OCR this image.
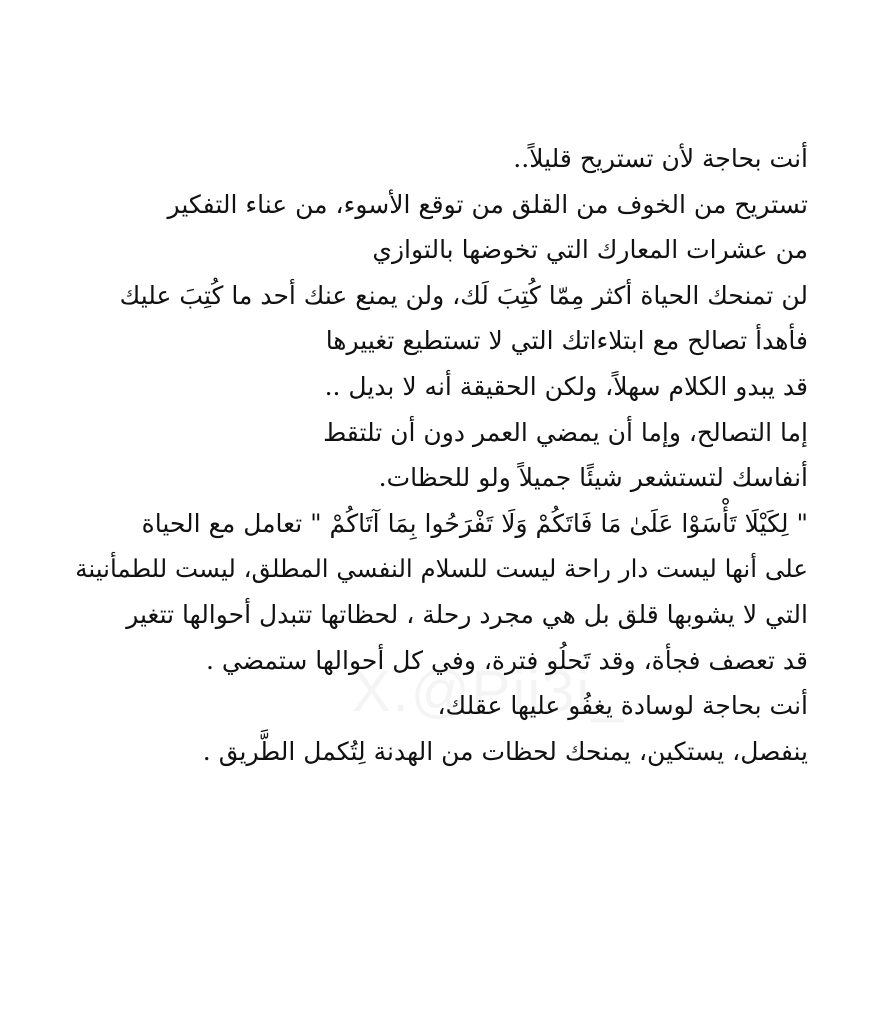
أنت بحاجة لأن تستريح قليلاً..
تستريح من الخوف من القلق من توقع الأسوء، من عناء التفكير
من عشرات المعارك التي تخوضها بالتوازي
لن تمنحك الحياة أكثر مِمّا كُتِبَ لَك، ولن يمنع عنك أحد ما كُتِبَ عليك
فأهدأ تصالح مع ابتلاءاتك التي لا تستطيع تغييرها
قد يبدو الكلام سهلاً، ولكن الحقيقة أنه لا بديل ..
إما التصالح، وإما أن يمضي العمر دون أن تلتقط
أنفاسك لتستشعر شيئًا جميلاً ولو للحظات.
" لِكَيْلَا تَأْسَوْا عَلَىٰ مَا فَاتَكُمْ وَلَا تَفْرَحُوا بِمَا آتَاكُمْ " تعامل مع الحياة
على أنها ليست دار راحة ليست للسلام النفسي المطلق، ليست للطمأنينة
التي لا يشوبها قلق بل هي مجرد رحلة ، لحظاتها تتبدل أحوالها تتغير
قد تعصف فجأة، وقد تَحلُو فترة، وفي كل أحوالها ستمضي .
أنت بحاجة لوسادة يغفُو عليها عقلك،
ينفصل، يستكين، يمنحك لحظات من الهدنة لِتُكمل الطَّريق .
